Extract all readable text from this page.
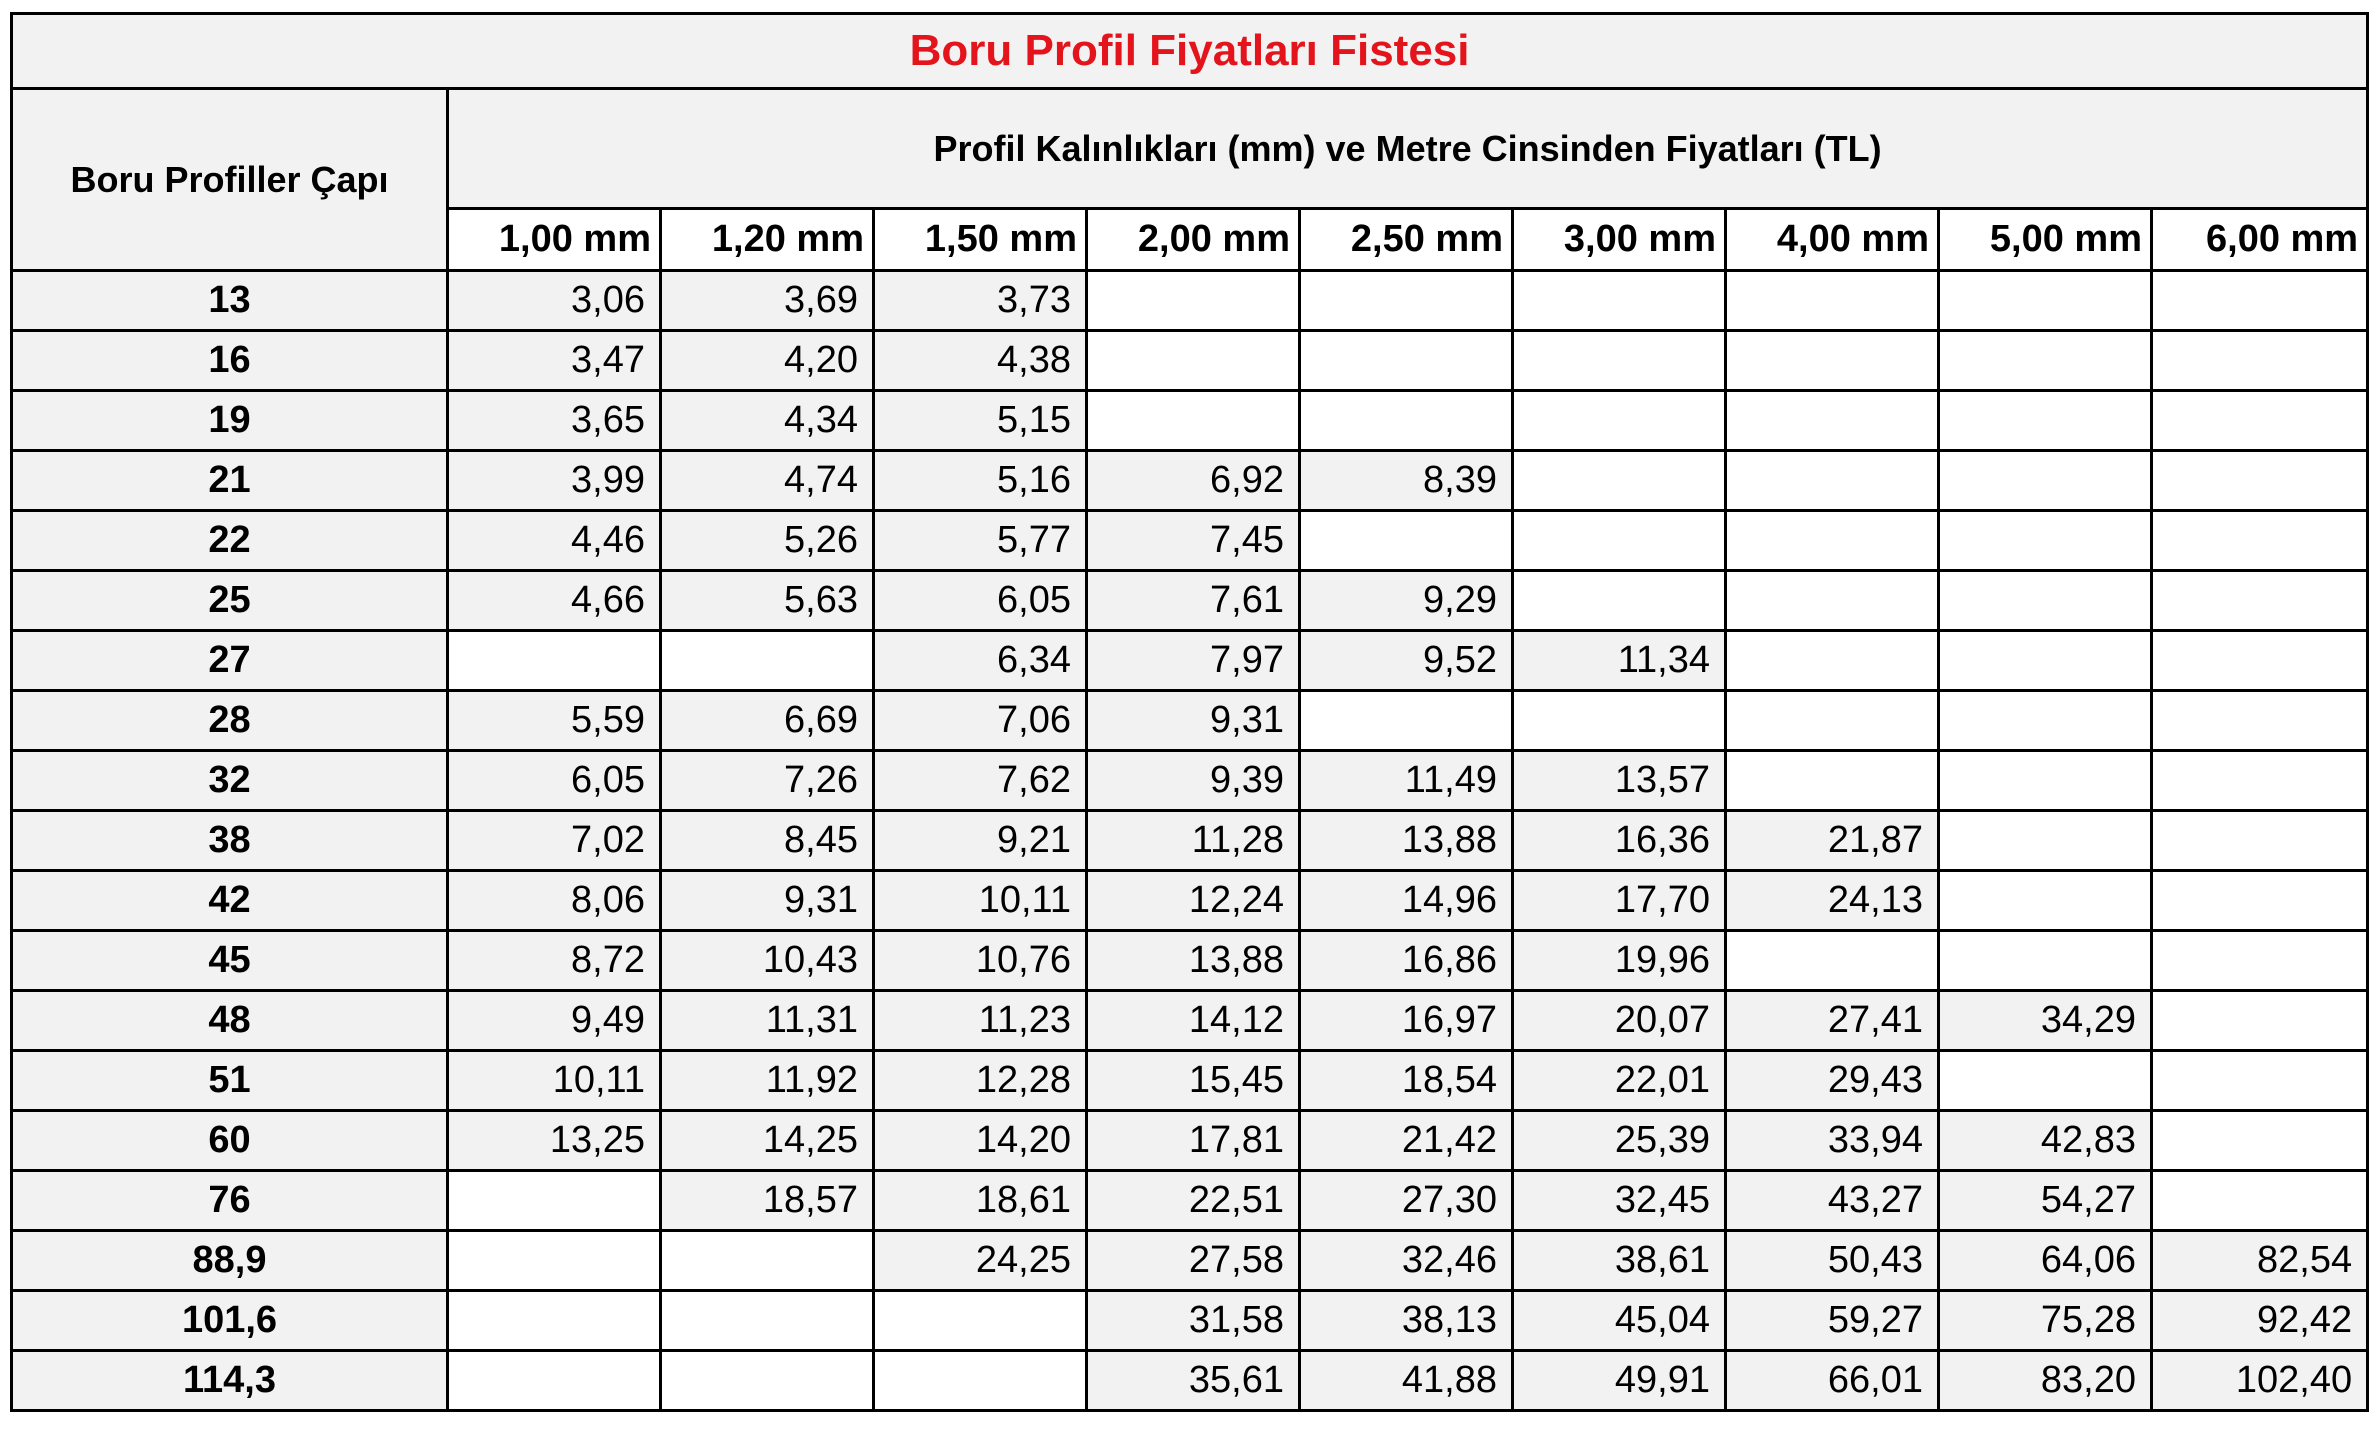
Boru Profil Fiyatları Fistesi									
Boru Profiller Çapı	Profil Kalınlıkları (mm) ve Metre Cinsinden Fiyatları (TL)								
	1,00 mm	1,20 mm	1,50 mm	2,00 mm	2,50 mm	3,00 mm	4,00 mm	5,00 mm	6,00 mm
13	3,06	3,69	3,73						
16	3,47	4,20	4,38						
19	3,65	4,34	5,15						
21	3,99	4,74	5,16	6,92	8,39				
22	4,46	5,26	5,77	7,45					
25	4,66	5,63	6,05	7,61	9,29				
27			6,34	7,97	9,52	11,34			
28	5,59	6,69	7,06	9,31					
32	6,05	7,26	7,62	9,39	11,49	13,57			
38	7,02	8,45	9,21	11,28	13,88	16,36	21,87		
42	8,06	9,31	10,11	12,24	14,96	17,70	24,13		
45	8,72	10,43	10,76	13,88	16,86	19,96			
48	9,49	11,31	11,23	14,12	16,97	20,07	27,41	34,29	
51	10,11	11,92	12,28	15,45	18,54	22,01	29,43		
60	13,25	14,25	14,20	17,81	21,42	25,39	33,94	42,83	
76		18,57	18,61	22,51	27,30	32,45	43,27	54,27	
88,9			24,25	27,58	32,46	38,61	50,43	64,06	82,54
101,6				31,58	38,13	45,04	59,27	75,28	92,42
114,3				35,61	41,88	49,91	66,01	83,20	102,40
